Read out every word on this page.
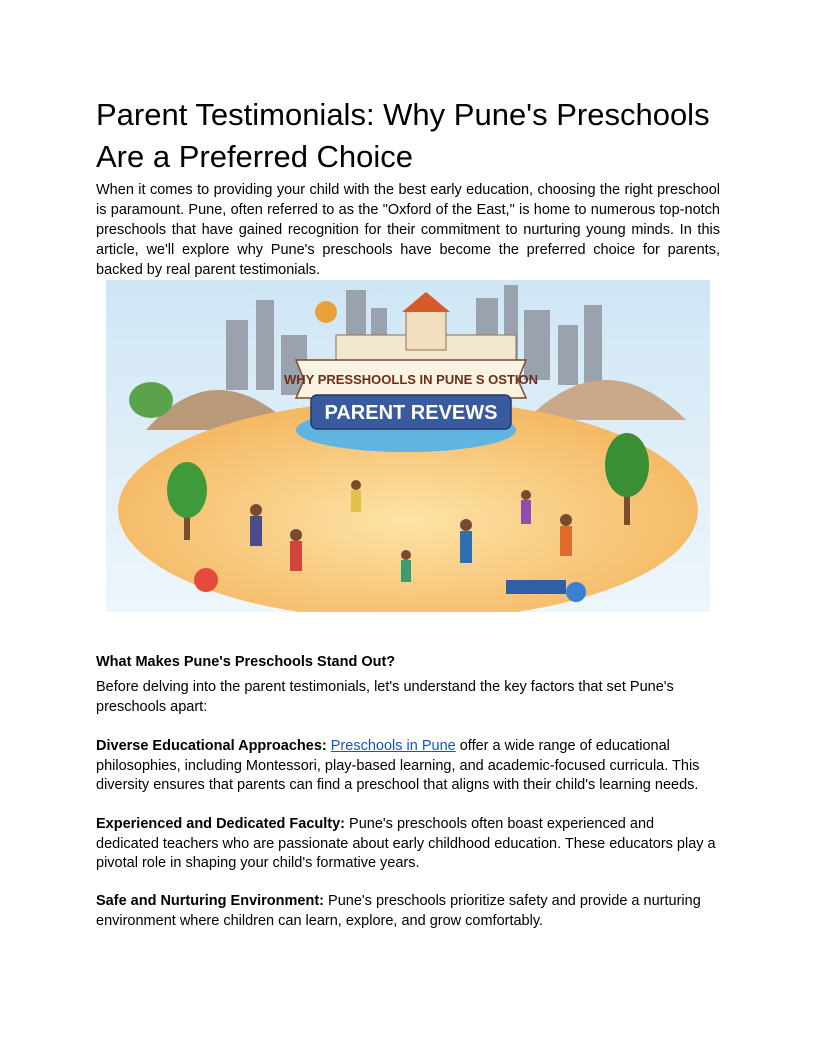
Parent Testimonials: Why Pune's Preschools Are a Preferred Choice

When it comes to providing your child with the best early education, choosing the right preschool is paramount. Pune, often referred to as the "Oxford of the East," is home to numerous top-notch preschools that have gained recognition for their commitment to nurturing young minds. In this article, we'll explore why Pune's preschools have become the preferred choice for parents, backed by real parent testimonials.

WHY PRESSHOOLLS IN PUNE S OSTION
PARENT REVEWS
What Makes Pune's Preschools Stand Out?

Before delving into the parent testimonials, let's understand the key factors that set Pune's preschools apart:

Diverse Educational Approaches: Preschools in Pune offer a wide range of educational philosophies, including Montessori, play-based learning, and academic-focused curricula. This diversity ensures that parents can find a preschool that aligns with their child's learning needs.

Experienced and Dedicated Faculty: Pune's preschools often boast experienced and dedicated teachers who are passionate about early childhood education. These educators play a pivotal role in shaping your child's formative years.

Safe and Nurturing Environment: Pune's preschools prioritize safety and provide a nurturing environment where children can learn, explore, and grow comfortably.
